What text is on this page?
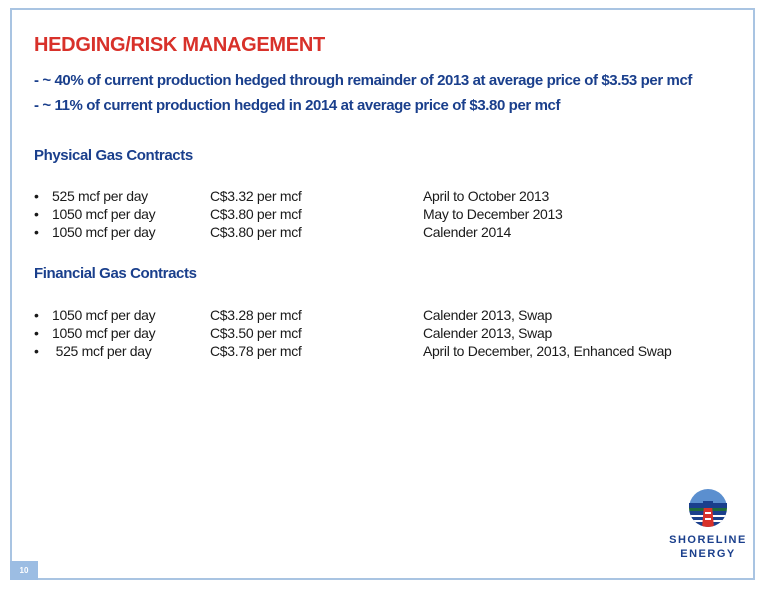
HEDGING/RISK MANAGEMENT
- ~ 40% of current production hedged through remainder of 2013 at average price of $3.53 per mcf
- ~ 11% of current production hedged in 2014 at average price of $3.80 per mcf
Physical Gas Contracts
• 525 mcf per day	C$3.32 per mcf	April to October 2013
• 1050 mcf per day	C$3.80 per mcf	May to December 2013
• 1050 mcf per day	C$3.80 per mcf	Calender 2014
Financial Gas Contracts
• 1050 mcf per day	C$3.28 per mcf	Calender 2013, Swap
• 1050 mcf per day	C$3.50 per mcf	Calender 2013, Swap
• 525 mcf per day	C$3.78 per mcf	April to December, 2013, Enhanced Swap
10
SHORELINE
ENERGY
